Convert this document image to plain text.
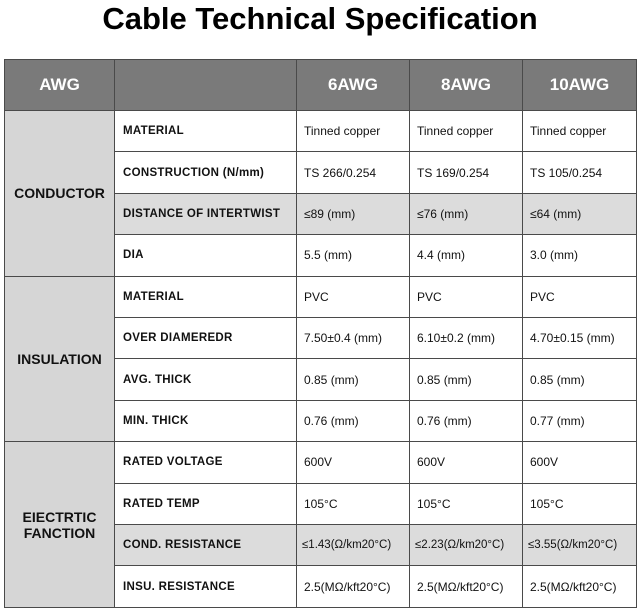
Cable Technical Specification
AWG		6AWG	8AWG	10AWG
CONDUCTOR	MATERIAL	Tinned copper	Tinned copper	Tinned copper
	CONSTRUCTION (N/mm)	TS 266/0.254	TS 169/0.254	TS 105/0.254
	DISTANCE OF INTERTWIST	≤89 (mm)	≤76 (mm)	≤64 (mm)
	DIA	5.5 (mm)	4.4 (mm)	3.0 (mm)
INSULATION	MATERIAL	PVC	PVC	PVC
	OVER DIAMEREDR	7.50±0.4 (mm)	6.10±0.2 (mm)	4.70±0.15 (mm)
	AVG. THICK	0.85 (mm)	0.85 (mm)	0.85 (mm)
	MIN. THICK	0.76 (mm)	0.76 (mm)	0.77 (mm)
EIECTRTIC FANCTION	RATED VOLTAGE	600V	600V	600V
	RATED TEMP	105°C	105°C	105°C
	COND. RESISTANCE	≤1.43(Ω/km20°C)	≤2.23(Ω/km20°C)	≤3.55(Ω/km20°C)
	INSU. RESISTANCE	2.5(MΩ/kft20°C)	2.5(MΩ/kft20°C)	2.5(MΩ/kft20°C)
